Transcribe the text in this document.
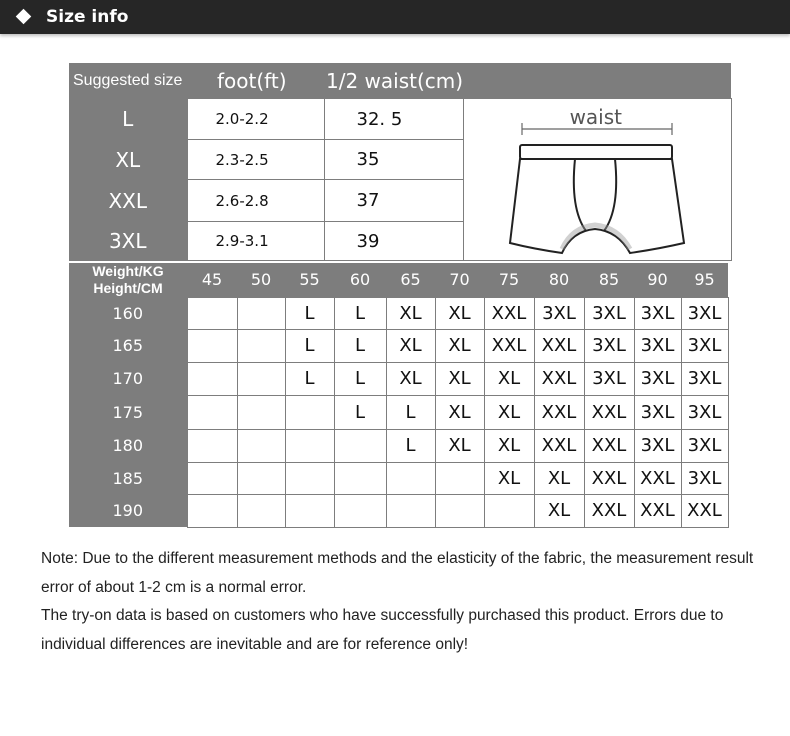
Size info
Suggested size	foot(ft)	1/2 waist(cm)	
L	2.0-2.2	32. 5	waist

XL	2.3-2.5	35	
XXL	2.6-2.8	37	
3XL	2.9-3.1	39	
Weight/KG
Height/CM	45	50	55	60	65	70	75	80	85	90	95
160			L	L	XL	XL	XXL	3XL	3XL	3XL	3XL
165			L	L	XL	XL	XXL	XXL	3XL	3XL	3XL
170			L	L	XL	XL	XL	XXL	3XL	3XL	3XL
175				L	L	XL	XL	XXL	XXL	3XL	3XL
180					L	XL	XL	XXL	XXL	3XL	3XL
185							XL	XL	XXL	XXL	3XL
190								XL	XXL	XXL	XXL

Note: Due to the different measurement methods and the elasticity of the fabric, the measurement result error of about 1-2 cm is a normal error.

The try-on data is based on customers who have successfully purchased this product. Errors due to individual differences are inevitable and are for reference only!
